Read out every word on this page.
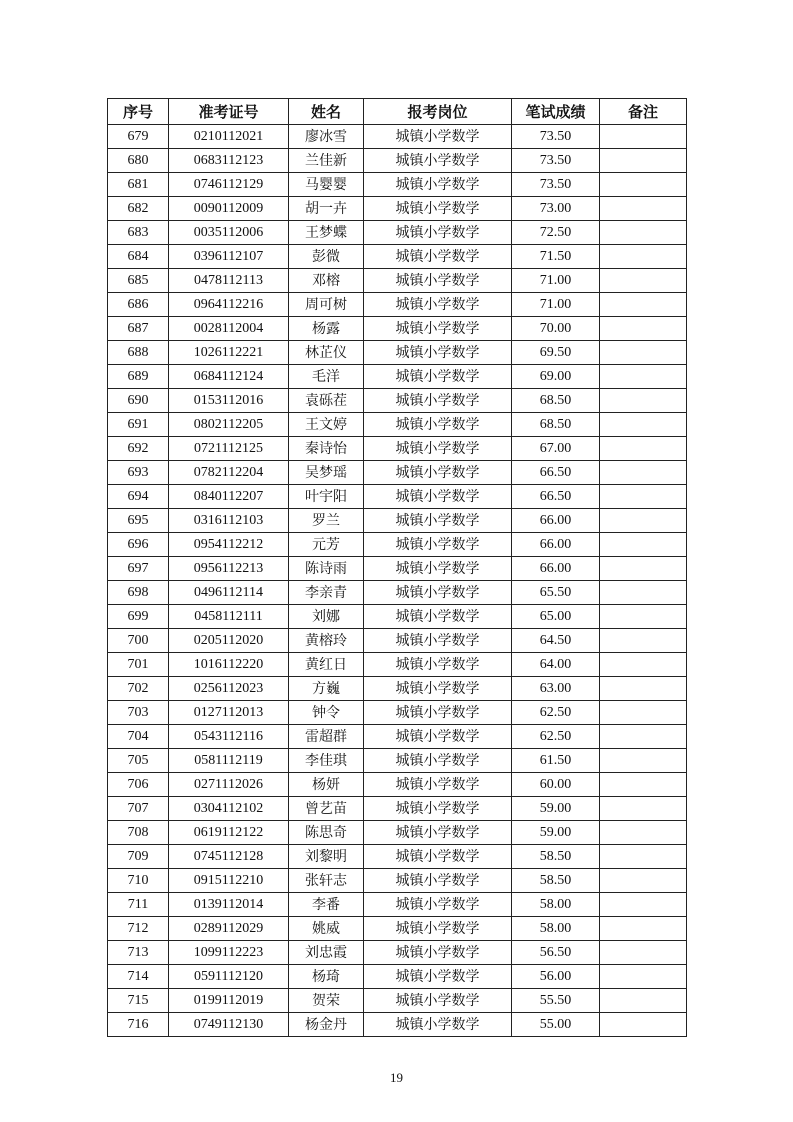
序号	准考证号	姓名	报考岗位	笔试成绩	备注
679	0210112021	廖冰雪	城镇小学数学	73.50	
680	0683112123	兰佳新	城镇小学数学	73.50	
681	0746112129	马婴婴	城镇小学数学	73.50	
682	0090112009	胡一卉	城镇小学数学	73.00	
683	0035112006	王梦蝶	城镇小学数学	72.50	
684	0396112107	彭微	城镇小学数学	71.50	
685	0478112113	邓榕	城镇小学数学	71.00	
686	0964112216	周可树	城镇小学数学	71.00	
687	0028112004	杨露	城镇小学数学	70.00	
688	1026112221	林芷仪	城镇小学数学	69.50	
689	0684112124	毛洋	城镇小学数学	69.00	
690	0153112016	袁砾茬	城镇小学数学	68.50	
691	0802112205	王文婷	城镇小学数学	68.50	
692	0721112125	秦诗怡	城镇小学数学	67.00	
693	0782112204	吴梦瑶	城镇小学数学	66.50	
694	0840112207	叶宇阳	城镇小学数学	66.50	
695	0316112103	罗兰	城镇小学数学	66.00	
696	0954112212	元芳	城镇小学数学	66.00	
697	0956112213	陈诗雨	城镇小学数学	66.00	
698	0496112114	李亲青	城镇小学数学	65.50	
699	0458112111	刘娜	城镇小学数学	65.00	
700	0205112020	黄榕玲	城镇小学数学	64.50	
701	1016112220	黄红日	城镇小学数学	64.00	
702	0256112023	方巍	城镇小学数学	63.00	
703	0127112013	钟令	城镇小学数学	62.50	
704	0543112116	雷超群	城镇小学数学	62.50	
705	0581112119	李佳琪	城镇小学数学	61.50	
706	0271112026	杨妍	城镇小学数学	60.00	
707	0304112102	曾艺苗	城镇小学数学	59.00	
708	0619112122	陈思奇	城镇小学数学	59.00	
709	0745112128	刘黎明	城镇小学数学	58.50	
710	0915112210	张轩志	城镇小学数学	58.50	
711	0139112014	李番	城镇小学数学	58.00	
712	0289112029	姚威	城镇小学数学	58.00	
713	1099112223	刘忠霞	城镇小学数学	56.50	
714	0591112120	杨琦	城镇小学数学	56.00	
715	0199112019	贺荣	城镇小学数学	55.50	
716	0749112130	杨金丹	城镇小学数学	55.00	
19
